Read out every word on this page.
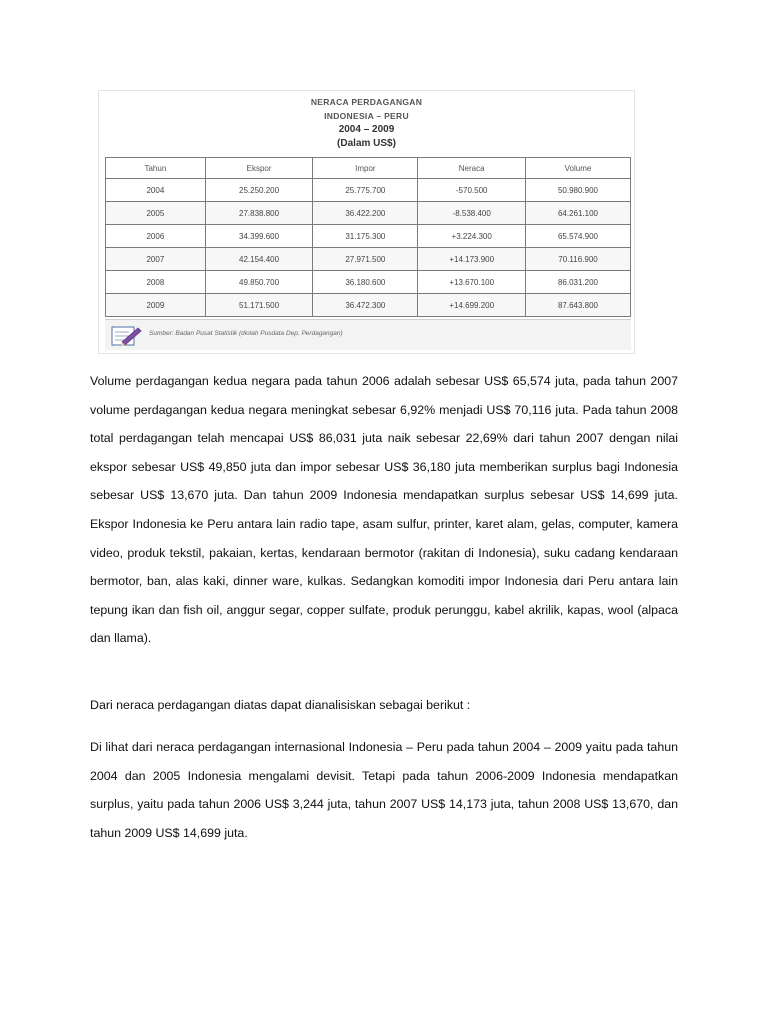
NERACA PERDAGANGAN
INDONESIA – PERU
2004 – 2009
(Dalam US$)
Tahun	Ekspor	Impor	Neraca	Volume
2004	25.250.200	25.775.700	-570.500	50.980.900
2005	27.838.800	36.422.200	-8.538.400	64.261.100
2006	34.399.600	31.175.300	+3.224.300	65.574.900
2007	42.154.400	27.971.500	+14.173.900	70.116.900
2008	49.850.700	36.180.600	+13.670.100	86.031.200
2009	51.171.500	36.472.300	+14.699.200	87.643.800
Sumber: Badan Pusat Statistik (diolah Pusdata Dep. Perdagangan)

Volume perdagangan kedua negara pada tahun 2006 adalah sebesar US$ 65,574 juta, pada tahun 2007 volume perdagangan kedua negara meningkat sebesar 6,92% menjadi US$ 70,116 juta. Pada tahun 2008 total perdagangan telah mencapai US$ 86,031 juta naik sebesar 22,69% dari tahun 2007 dengan nilai ekspor sebesar US$ 49,850 juta dan impor sebesar US$ 36,180 juta memberikan surplus bagi Indonesia sebesar US$ 13,670 juta. Dan tahun 2009 Indonesia mendapatkan surplus sebesar US$ 14,699 juta. Ekspor Indonesia ke Peru antara lain radio tape, asam sulfur, printer, karet alam, gelas, computer, kamera video, produk tekstil, pakaian, kertas, kendaraan bermotor (rakitan di Indonesia), suku cadang kendaraan bermotor, ban, alas kaki, dinner ware, kulkas. Sedangkan komoditi impor Indonesia dari Peru antara lain tepung ikan dan fish oil, anggur segar, copper sulfate, produk perunggu, kabel akrilik, kapas, wool (alpaca dan llama).

Dari neraca perdagangan diatas dapat dianalisiskan sebagai berikut :

Di lihat dari neraca perdagangan internasional Indonesia – Peru pada tahun 2004 – 2009 yaitu pada tahun 2004 dan 2005 Indonesia mengalami devisit. Tetapi pada tahun 2006-2009 Indonesia mendapatkan surplus, yaitu pada tahun 2006 US$ 3,244 juta, tahun 2007 US$ 14,173 juta, tahun 2008 US$ 13,670, dan tahun 2009 US$ 14,699 juta.
